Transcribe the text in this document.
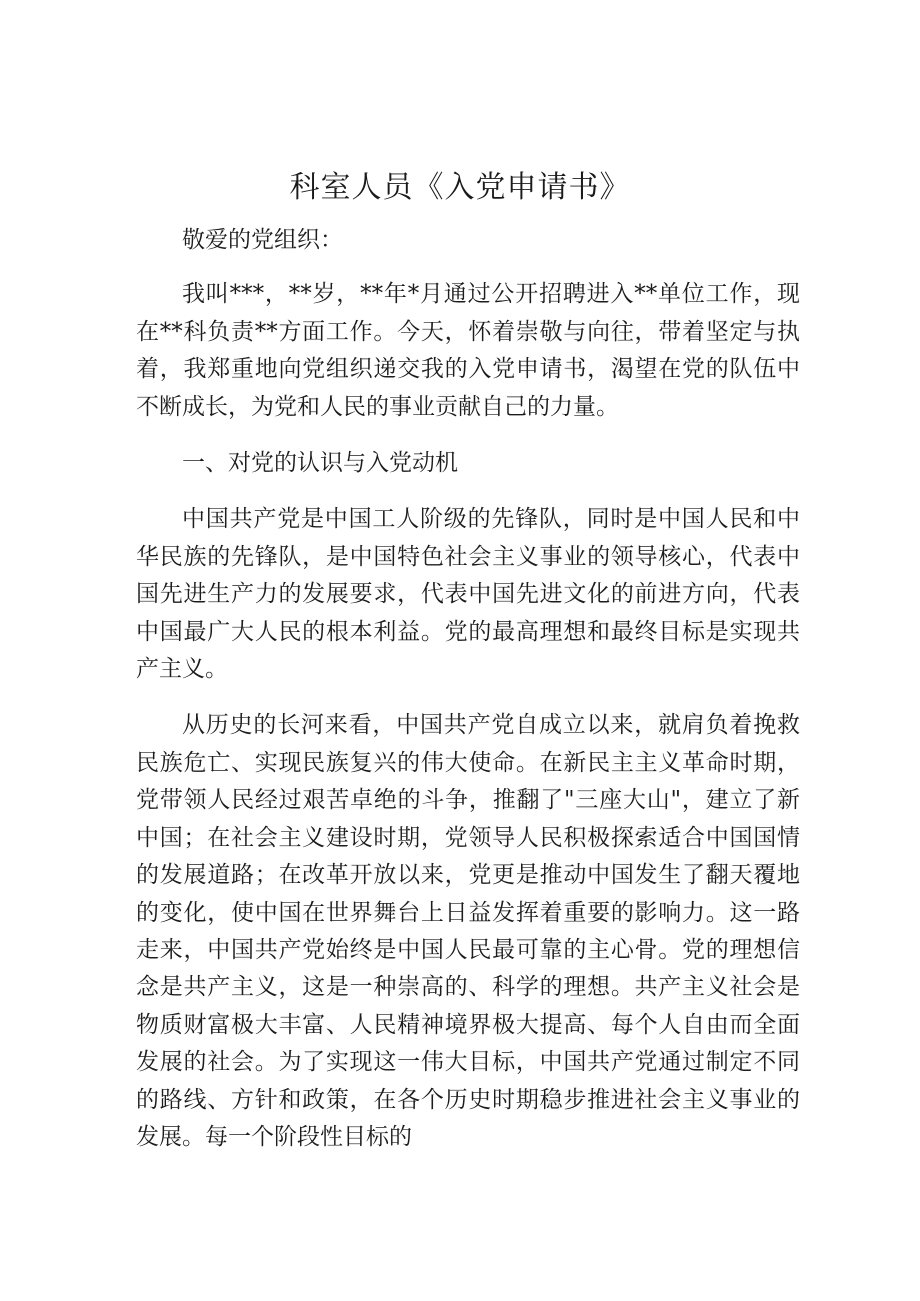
科室人员《入党申请书》

敬爱的党组织：

我叫***，**岁，**年*月通过公开招聘进入**单位工作，现在**科负责**方面工作。今天，怀着崇敬与向往，带着坚定与执着，我郑重地向党组织递交我的入党申请书，渴望在党的队伍中不断成长，为党和人民的事业贡献自己的力量。

一、对党的认识与入党动机

中国共产党是中国工人阶级的先锋队，同时是中国人民和中华民族的先锋队，是中国特色社会主义事业的领导核心，代表中国先进生产力的发展要求，代表中国先进文化的前进方向，代表中国最广大人民的根本利益。党的最高理想和最终目标是实现共产主义。

从历史的长河来看，中国共产党自成立以来，就肩负着挽救民族危亡、实现民族复兴的伟大使命。在新民主主义革命时期，党带领人民经过艰苦卓绝的斗争，推翻了"三座大山"，建立了新中国；在社会主义建设时期，党领导人民积极探索适合中国国情的发展道路；在改革开放以来，党更是推动中国发生了翻天覆地的变化，使中国在世界舞台上日益发挥着重要的影响力。这一路走来，中国共产党始终是中国人民最可靠的主心骨。党的理想信念是共产主义，这是一种崇高的、科学的理想。共产主义社会是物质财富极大丰富、人民精神境界极大提高、每个人自由而全面发展的社会。为了实现这一伟大目标，中国共产党通过制定不同的路线、方针和政策，在各个历史时期稳步推进社会主义事业的发展。每一个阶段性目标的
